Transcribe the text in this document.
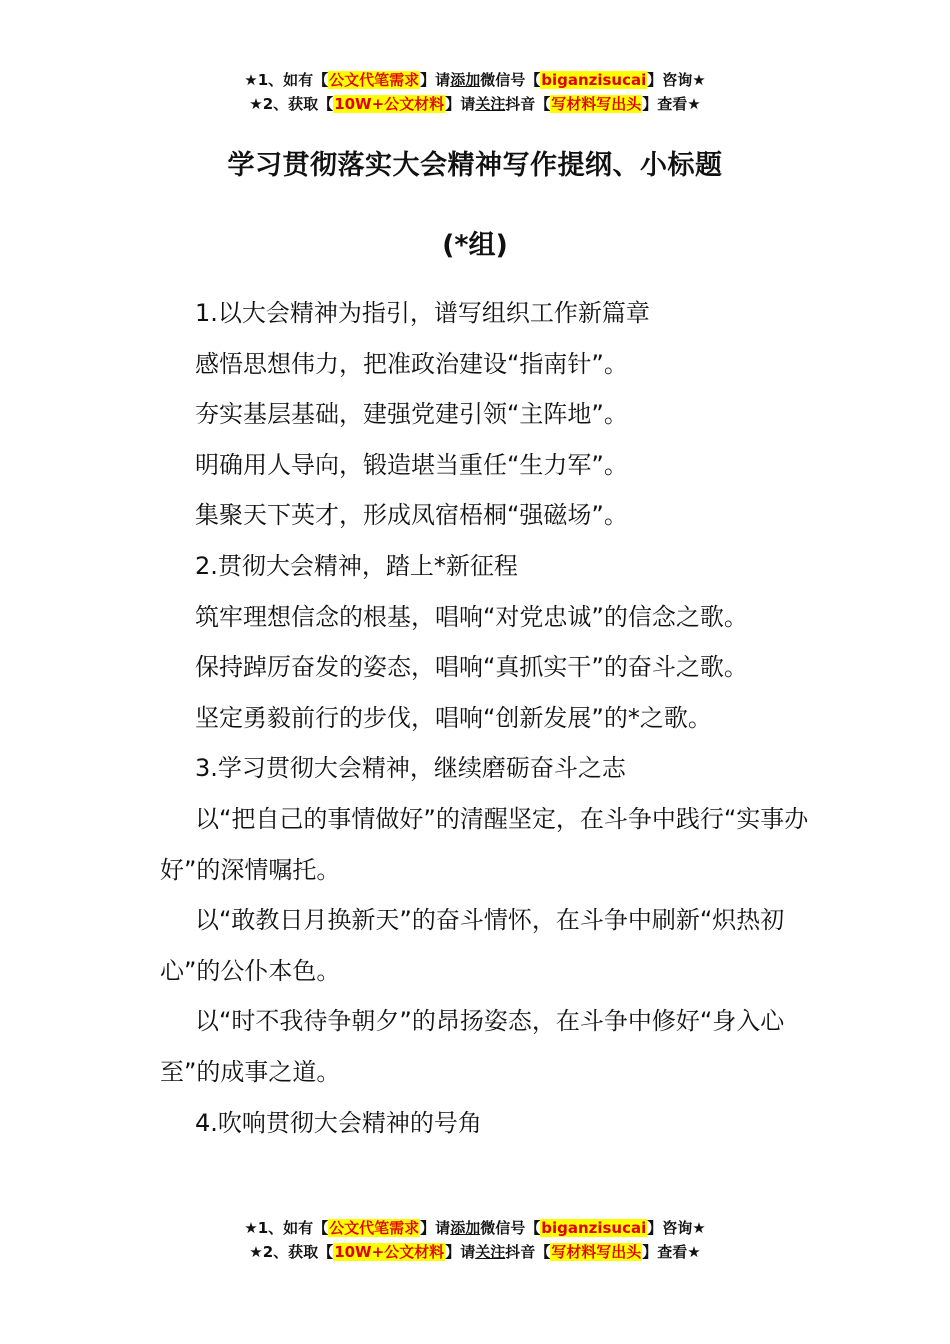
★1、如有【公文代笔需求】请添加微信号【biganzisucai】咨询★
★2、获取【10W+公文材料】请关注抖音【写材料写出头】查看★
学习贯彻落实大会精神写作提纲、小标题
(*组)

1.以大会精神为指引，谱写组织工作新篇章

感悟思想伟力，把准政治建设“指南针”。

夯实基层基础，建强党建引领“主阵地”。

明确用人导向，锻造堪当重任“生力军”。

集聚天下英才，形成凤宿梧桐“强磁场”。

2.贯彻大会精神，踏上*新征程

筑牢理想信念的根基，唱响“对党忠诚”的信念之歌。

保持踔厉奋发的姿态，唱响“真抓实干”的奋斗之歌。

坚定勇毅前行的步伐，唱响“创新发展”的*之歌。

3.学习贯彻大会精神，继续磨砺奋斗之志

以“把自己的事情做好”的清醒坚定，在斗争中践行“实事办好”的深情嘱托。

以“敢教日月换新天”的奋斗情怀，在斗争中刷新“炽热初心”的公仆本色。

以“时不我待争朝夕”的昂扬姿态，在斗争中修好“身入心至”的成事之道。

4.吹响贯彻大会精神的号角

★1、如有【公文代笔需求】请添加微信号【biganzisucai】咨询★
★2、获取【10W+公文材料】请关注抖音【写材料写出头】查看★
